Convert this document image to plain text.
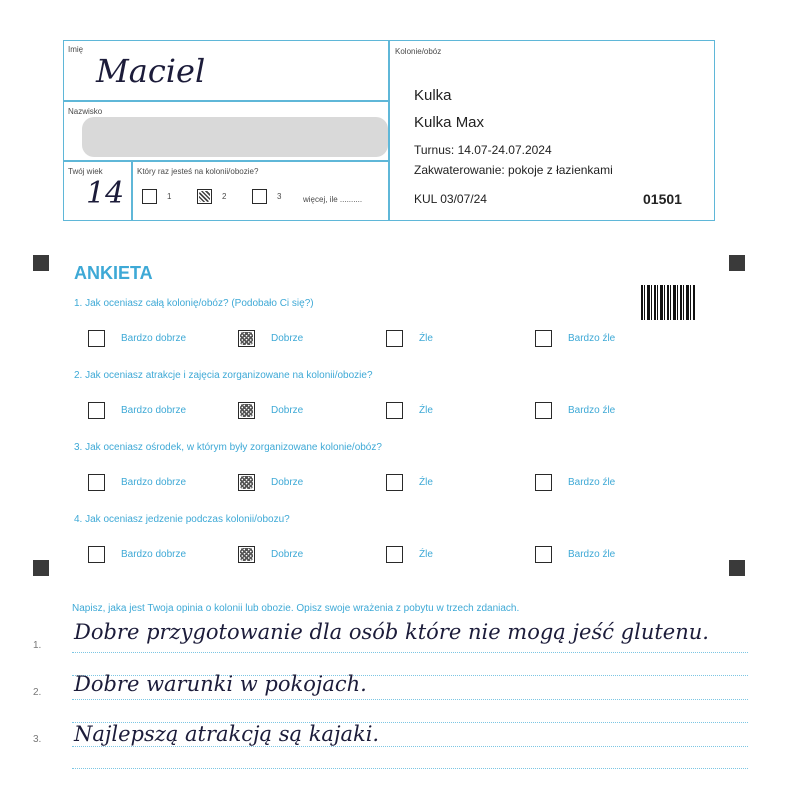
Imię
Maciel
Nazwisko
Twój wiek
14
Który raz jesteś na kolonii/obozie?
1	2	3	więcej, ile ..........
Kolonie/obóz
Kulka
Kulka Max
Turnus: 14.07-24.07.2024
Zakwaterowanie: pokoje z łazienkami
KUL 03/07/24	01501
ANKIETA
1. Jak oceniasz całą kolonię/obóz? (Podobało Ci się?)
Bardzo dobrze	Dobrze	Źle	Bardzo źle
2. Jak oceniasz atrakcje i zajęcia zorganizowane na kolonii/obozie?
Bardzo dobrze	Dobrze	Źle	Bardzo źle
3. Jak oceniasz ośrodek, w którym były zorganizowane kolonie/obóz?
Bardzo dobrze	Dobrze	Źle	Bardzo źle
4. Jak oceniasz jedzenie podczas kolonii/obozu?
Bardzo dobrze	Dobrze	Źle	Bardzo źle
Napisz, jaka jest Twoja opinia o kolonii lub obozie. Opisz swoje wrażenia z pobytu w trzech zdaniach.
1.
Dobre przygotowanie dla osób które nie mogą jeść glutenu.
2. Dobre warunki w pokojach.
3. Najlepszą atrakcją są kajaki.
